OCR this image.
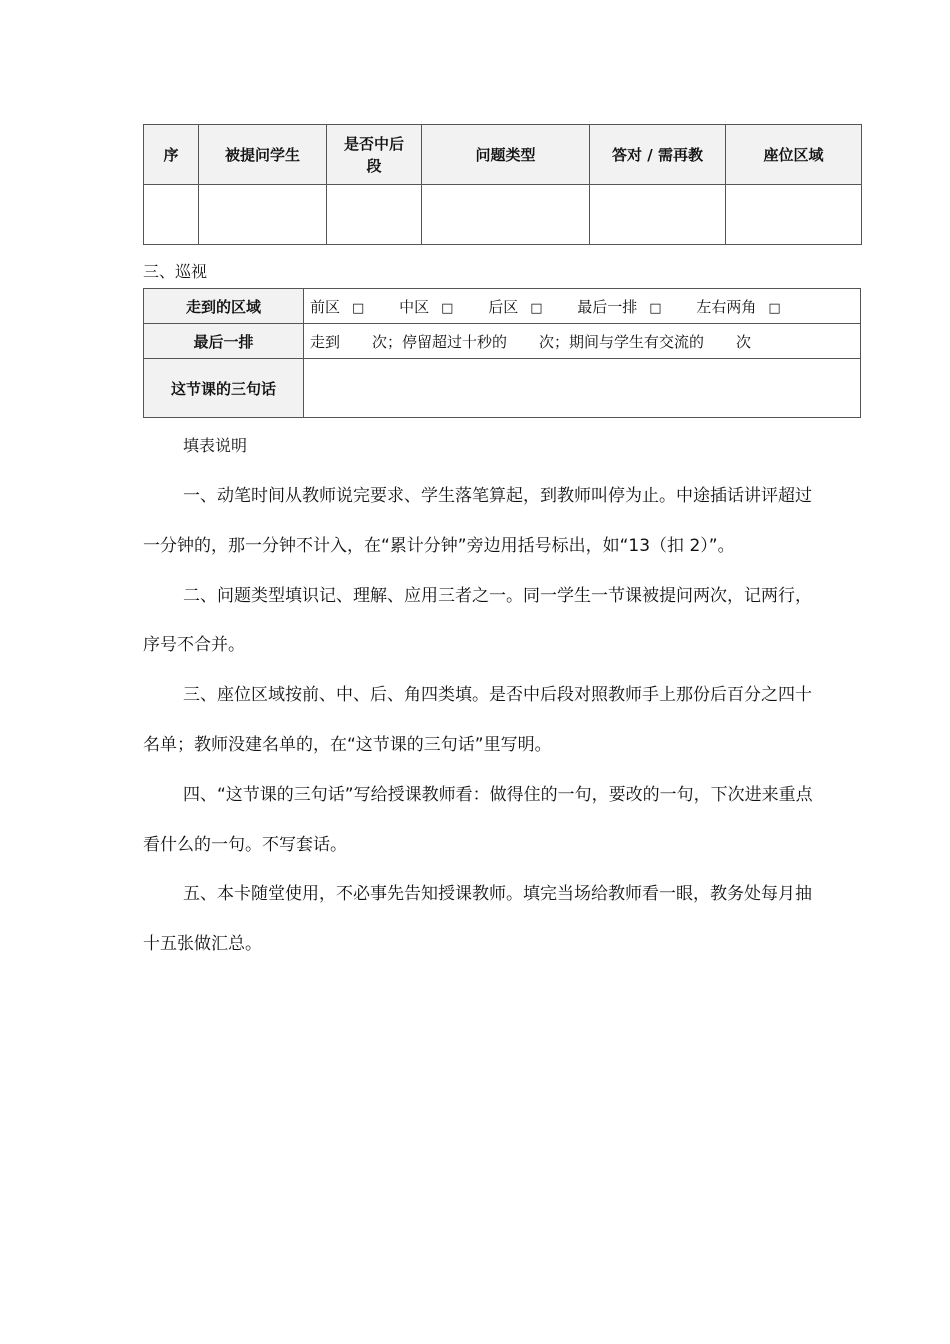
序	被提问学生	是否中后段	问题类型	答对 / 需再教	座位区域

三、巡视
走到的区域	前区 □ 中区 □ 后区 □ 最后一排 □ 左右两角 □
最后一排	走到 次；停留超过十秒的 次；期间与学生有交流的 次
这节课的三句话	
填表说明

一、动笔时间从教师说完要求、学生落笔算起，到教师叫停为止。中途插话讲评超过一分钟的，那一分钟不计入，在“累计分钟”旁边用括号标出，如“13（扣 2）”。

二、问题类型填识记、理解、应用三者之一。同一学生一节课被提问两次，记两行，序号不合并。

三、座位区域按前、中、后、角四类填。是否中后段对照教师手上那份后百分之四十名单；教师没建名单的，在“这节课的三句话”里写明。

四、“这节课的三句话”写给授课教师看：做得住的一句，要改的一句，下次进来重点看什么的一句。不写套话。

五、本卡随堂使用，不必事先告知授课教师。填完当场给教师看一眼，教务处每月抽十五张做汇总。
